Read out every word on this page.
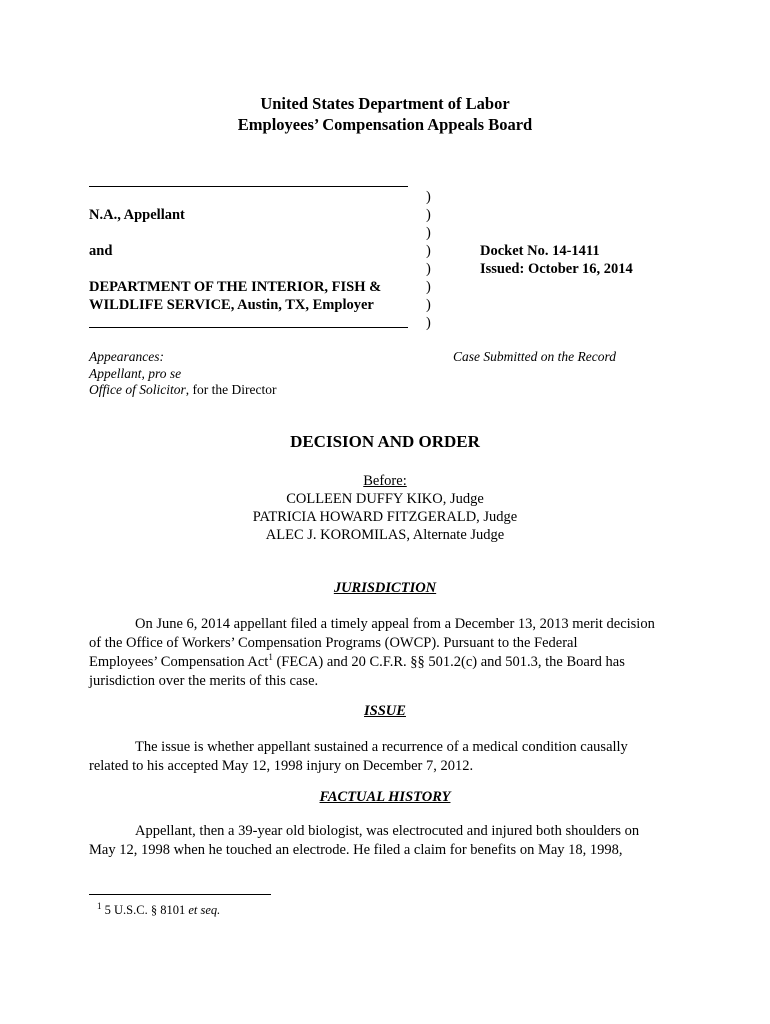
United States Department of Labor
Employees’ Compensation Appeals Board
N.A., Appellant
and
DEPARTMENT OF THE INTERIOR, FISH &
WILDLIFE SERVICE, Austin, TX, Employer
)
)
)
)
)
)
)
)
Docket No. 14-1411
Issued: October 16, 2014
Appearances:
Appellant, pro se
Office of Solicitor, for the Director
Case Submitted on the Record
DECISION AND ORDER
Before:
COLLEEN DUFFY KIKO, Judge
PATRICIA HOWARD FITZGERALD, Judge
ALEC J. KOROMILAS, Alternate Judge
JURISDICTION
On June 6, 2014 appellant filed a timely appeal from a December 13, 2013 merit decision
of the Office of Workers’ Compensation Programs (OWCP). Pursuant to the Federal
Employees’ Compensation Act$^1$ (FECA) and 20 C.F.R. §§ 501.2(c) and 501.3, the Board has
jurisdiction over the merits of this case.
ISSUE
The issue is whether appellant sustained a recurrence of a medical condition causally
related to his accepted May 12, 1998 injury on December 7, 2012.
FACTUAL HISTORY
Appellant, then a 39-year old biologist, was electrocuted and injured both shoulders on
May 12, 1998 when he touched an electrode. He filed a claim for benefits on May 18, 1998,
$^1$ 5 U.S.C. § 8101 et seq.
